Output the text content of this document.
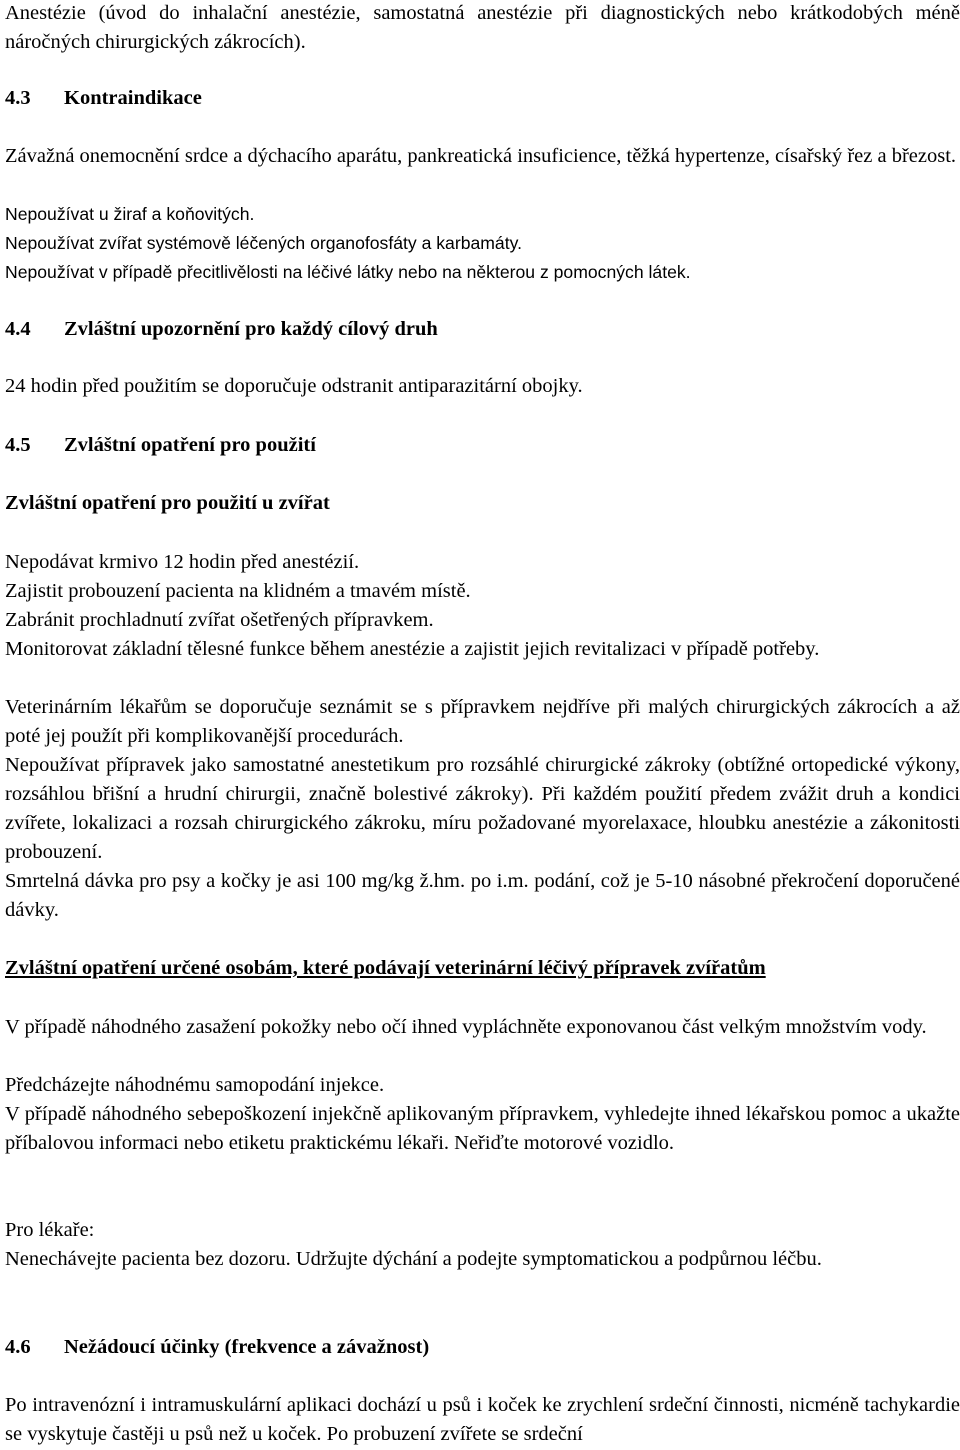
Anestézie (úvod do inhalační anestézie, samostatná anestézie při diagnostických nebo krátkodobých méně náročných chirurgických zákrocích).

4.3	Kontraindikace

Závažná onemocnění srdce a dýchacího aparátu, pankreatická insuficience, těžká hypertenze, císařský řez a březost.

Nepoužívat u žiraf a koňovitých.

Nepoužívat zvířat systémově léčených organofosfáty a karbamáty.

Nepoužívat v případě přecitlivělosti na léčivé látky nebo na některou z pomocných látek.

4.4	Zvláštní upozornění pro každý cílový druh

24 hodin před použitím se doporučuje odstranit antiparazitární obojky.

4.5	Zvláštní opatření pro použití

Zvláštní opatření pro použití u zvířat

Nepodávat krmivo 12 hodin před anestézií.

Zajistit probouzení pacienta na klidném a tmavém místě.

Zabránit prochladnutí zvířat ošetřených přípravkem.

Monitorovat základní tělesné funkce během anestézie a zajistit jejich revitalizaci v případě potřeby.

Veterinárním lékařům se doporučuje seznámit se s přípravkem nejdříve při malých chirurgických zákrocích a až poté jej použít při komplikovanější procedurách.

Nepoužívat přípravek jako samostatné anestetikum pro rozsáhlé chirurgické zákroky (obtížné ortopedické výkony, rozsáhlou břišní a hrudní chirurgii, značně bolestivé zákroky). Při každém použití předem zvážit druh a kondici zvířete, lokalizaci a rozsah chirurgického zákroku, míru požadované myorelaxace, hloubku anestézie a zákonitosti probouzení.

Smrtelná dávka pro psy a kočky je asi 100 mg/kg ž.hm. po i.m. podání, což je 5-10 násobné překročení doporučené dávky.

Zvláštní opatření určené osobám, které podávají veterinární léčivý přípravek zvířatům

V případě náhodného zasažení pokožky nebo očí ihned vypláchněte exponovanou část velkým množstvím vody.

Předcházejte náhodnému samopodání injekce.

V případě náhodného sebepoškození injekčně aplikovaným přípravkem, vyhledejte ihned lékařskou pomoc a ukažte příbalovou informaci nebo etiketu praktickému lékaři. Neřiďte motorové vozidlo.

Pro lékaře:

Nenechávejte pacienta bez dozoru. Udržujte dýchání a podejte symptomatickou a podpůrnou léčbu.

4.6	Nežádoucí účinky (frekvence a závažnost)

Po intravenózní i intramuskulární aplikaci dochází u psů i koček ke zrychlení srdeční činnosti, nicméně tachykardie se vyskytuje častěji u psů než u koček. Po probuzení zvířete se srdeční
